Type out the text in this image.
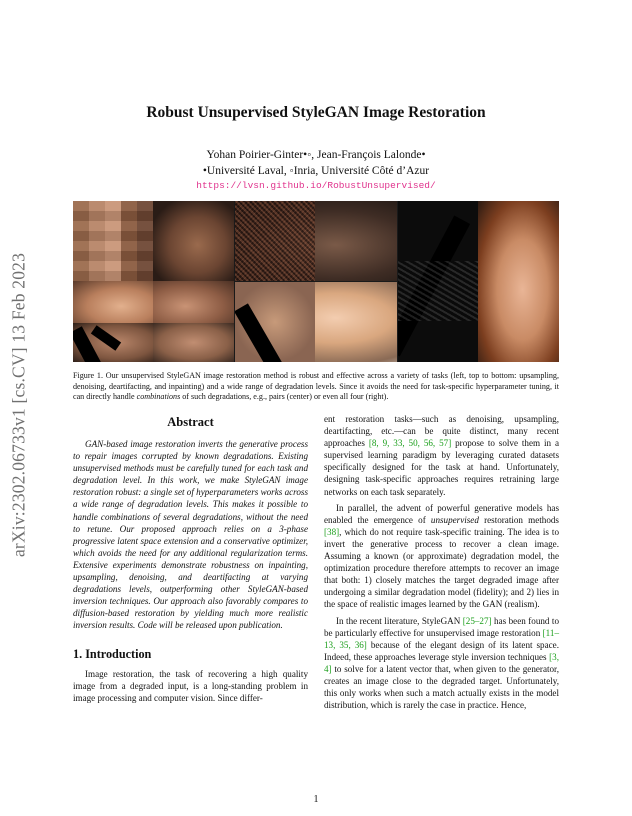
arXiv:2302.06733v1 [cs.CV] 13 Feb 2023
Robust Unsupervised StyleGAN Image Restoration
Yohan Poirier-Ginter•◦, Jean-François Lalonde•
•Université Laval, ◦Inria, Université Côté d’Azur
https://lvsn.github.io/RobustUnsupervised/
Figure 1. Our unsupervised StyleGAN image restoration method is robust and effective across a variety of tasks (left, top to bottom: upsampling, denoising, deartifacting, and inpainting) and a wide range of degradation levels. Since it avoids the need for task-specific hyperparameter tuning, it can directly handle combinations of such degradations, e.g., pairs (center) or even all four (right).
Abstract

GAN-based image restoration inverts the generative process to repair images corrupted by known degradations. Existing unsupervised methods must be carefully tuned for each task and degradation level. In this work, we make StyleGAN image restoration robust: a single set of hyperparameters works across a wide range of degradation levels. This makes it possible to handle combinations of several degradations, without the need to retune. Our proposed approach relies on a 3-phase progressive latent space extension and a conservative optimizer, which avoids the need for any additional regularization terms. Extensive experiments demonstrate robustness on inpainting, upsampling, denoising, and deartifacting at varying degradations levels, outperforming other StyleGAN-based inversion techniques. Our approach also favorably compares to diffusion-based restoration by yielding much more realistic inversion results. Code will be released upon publication.

1. Introduction

Image restoration, the task of recovering a high quality image from a degraded input, is a long-standing problem in image processing and computer vision. Since differ-

ent restoration tasks—such as denoising, upsampling, deartifacting, etc.—can be quite distinct, many recent approaches [8, 9, 33, 50, 56, 57] propose to solve them in a supervised learning paradigm by leveraging curated datasets specifically designed for the task at hand. Unfortunately, designing task-specific approaches requires retraining large networks on each task separately.

In parallel, the advent of powerful generative models has enabled the emergence of unsupervised restoration methods [38], which do not require task-specific training. The idea is to invert the generative process to recover a clean image. Assuming a known (or approximate) degradation model, the optimization procedure therefore attempts to recover an image that both: 1) closely matches the target degraded image after undergoing a similar degradation model (fidelity); and 2) lies in the space of realistic images learned by the GAN (realism).

In the recent literature, StyleGAN [25–27] has been found to be particularly effective for unsupervised image restoration [11–13, 35, 36] because of the elegant design of its latent space. Indeed, these approaches leverage style inversion techniques [3, 4] to solve for a latent vector that, when given to the generator, creates an image close to the degraded target. Unfortunately, this only works when such a match actually exists in the model distribution, which is rarely the case in practice. Hence,

1
